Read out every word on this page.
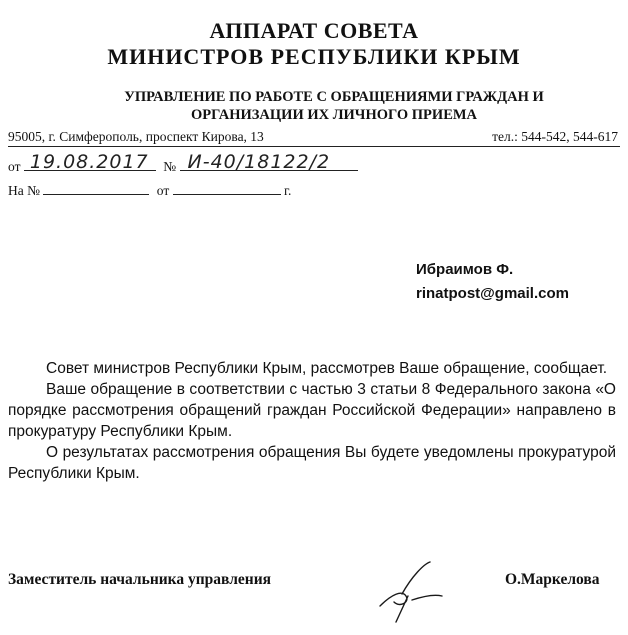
АППАРАТ СОВЕТА
МИНИСТРОВ РЕСПУБЛИКИ КРЫМ
УПРАВЛЕНИЕ ПО РАБОТЕ С ОБРАЩЕНИЯМИ ГРАЖДАН И
ОРГАНИЗАЦИИ ИХ ЛИЧНОГО ПРИЕМА
95005, г. Симферополь, проспект Кирова, 13	тел.: 544-542, 544-617
от 19.08.2017 № И-40/18122/2
На №	от	г.
Ибраимов Ф.
rinatpost@gmail.com

Совет министров Республики Крым, рассмотрев Ваше обращение, сообщает.

Ваше обращение в соответствии с частью 3 статьи 8 Федерального закона «О порядке рассмотрения обращений граждан Российской Федерации» направлено в прокуратуру Республики Крым.

О результатах рассмотрения обращения Вы будете уведомлены прокуратурой Республики Крым.

Заместитель начальника управления	О.Маркелова
